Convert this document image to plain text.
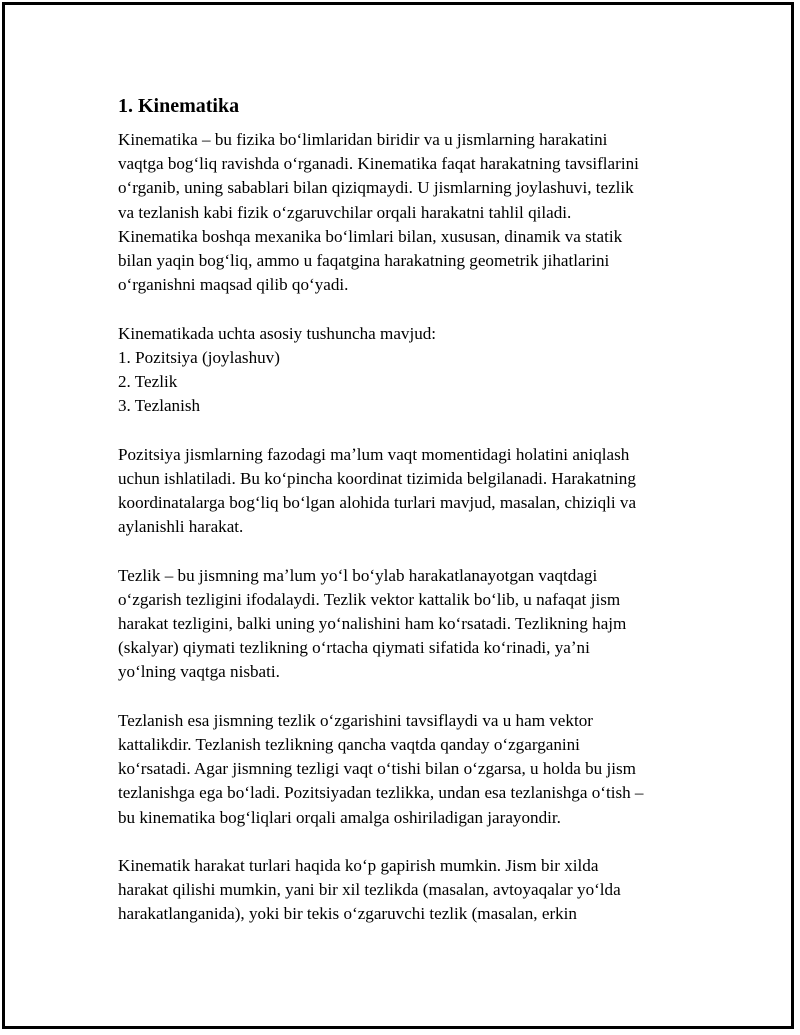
1. Kinematika
Kinematika – bu fizika boʻlimlaridan biridir va u jismlarning harakatini
vaqtga bogʻliq ravishda oʻrganadi. Kinematika faqat harakatning tavsiflarini
oʻrganib, uning sabablari bilan qiziqmaydi. U jismlarning joylashuvi, tezlik
va tezlanish kabi fizik oʻzgaruvchilar orqali harakatni tahlil qiladi.
Kinematika boshqa mexanika boʻlimlari bilan, xususan, dinamik va statik
bilan yaqin bogʻliq, ammo u faqatgina harakatning geometrik jihatlarini
oʻrganishni maqsad qilib qoʻyadi.
Kinematikada uchta asosiy tushuncha mavjud:
1. Pozitsiya (joylashuv)
2. Tezlik
3. Tezlanish
Pozitsiya jismlarning fazodagi maʼlum vaqt momentidagi holatini aniqlash
uchun ishlatiladi. Bu koʻpincha koordinat tizimida belgilanadi. Harakatning
koordinatalarga bogʻliq boʻlgan alohida turlari mavjud, masalan, chiziqli va
aylanishli harakat.
Tezlik – bu jismning maʼlum yoʻl boʻylab harakatlanayotgan vaqtdagi
oʻzgarish tezligini ifodalaydi. Tezlik vektor kattalik boʻlib, u nafaqat jism
harakat tezligini, balki uning yoʻnalishini ham koʻrsatadi. Tezlikning hajm
(skalyar) qiymati tezlikning oʻrtacha qiymati sifatida koʻrinadi, yaʼni
yoʻlning vaqtga nisbati.
Tezlanish esa jismning tezlik oʻzgarishini tavsiflaydi va u ham vektor
kattalikdir. Tezlanish tezlikning qancha vaqtda qanday oʻzgarganini
koʻrsatadi. Agar jismning tezligi vaqt oʻtishi bilan oʻzgarsa, u holda bu jism
tezlanishga ega boʻladi. Pozitsiyadan tezlikka, undan esa tezlanishga oʻtish –
bu kinematika bogʻliqlari orqali amalga oshiriladigan jarayondir.
Kinematik harakat turlari haqida koʻp gapirish mumkin. Jism bir xilda
harakat qilishi mumkin, yani bir xil tezlikda (masalan, avtoyaqalar yoʻlda
harakatlanganida), yoki bir tekis oʻzgaruvchi tezlik (masalan, erkin
